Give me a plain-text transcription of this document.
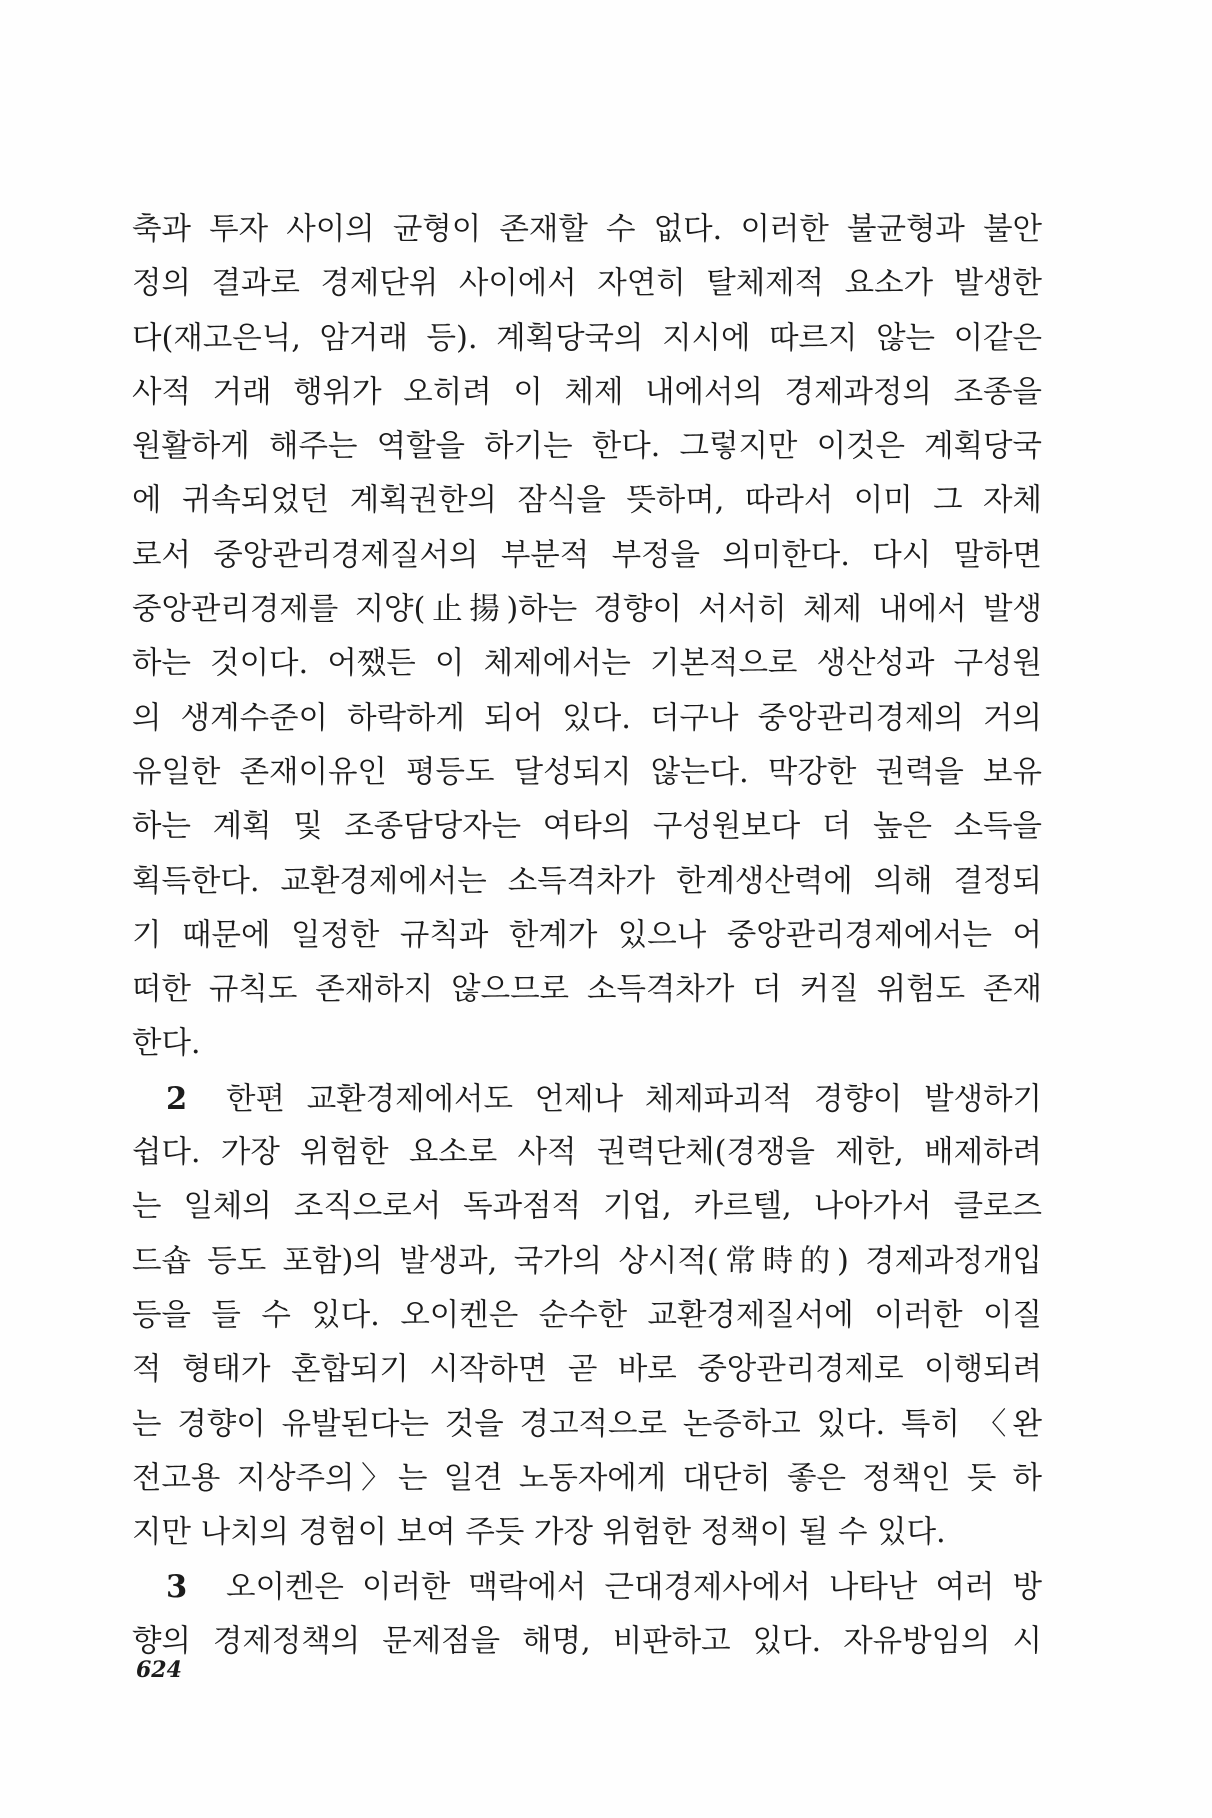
축과 투자 사이의 균형이 존재할 수 없다. 이러한 불균형과 불안
정의 결과로 경제단위 사이에서 자연히 탈체제적 요소가 발생한
다(재고은닉, 암거래 등). 계획당국의 지시에 따르지 않는 이같은
사적 거래 행위가 오히려 이 체제 내에서의 경제과정의 조종을
원활하게 해주는 역할을 하기는 한다. 그렇지만 이것은 계획당국
에 귀속되었던 계획권한의 잠식을 뜻하며, 따라서 이미 그 자체
로서 중앙관리경제질서의 부분적 부정을 의미한다. 다시 말하면
중앙관리경제를 지양(止揚)하는 경향이 서서히 체제 내에서 발생
하는 것이다. 어쨌든 이 체제에서는 기본적으로 생산성과 구성원
의 생계수준이 하락하게 되어 있다. 더구나 중앙관리경제의 거의
유일한 존재이유인 평등도 달성되지 않는다. 막강한 권력을 보유
하는 계획 및 조종담당자는 여타의 구성원보다 더 높은 소득을
획득한다. 교환경제에서는 소득격차가 한계생산력에 의해 결정되
기 때문에 일정한 규칙과 한계가 있으나 중앙관리경제에서는 어
떠한 규칙도 존재하지 않으므로 소득격차가 더 커질 위험도 존재
한다.
2 한편 교환경제에서도 언제나 체제파괴적 경향이 발생하기
쉽다. 가장 위험한 요소로 사적 권력단체(경쟁을 제한, 배제하려
는 일체의 조직으로서 독과점적 기업, 카르텔, 나아가서 클로즈
드숍 등도 포함)의 발생과, 국가의 상시적(常時的) 경제과정개입
등을 들 수 있다. 오이켄은 순수한 교환경제질서에 이러한 이질
적 형태가 혼합되기 시작하면 곧 바로 중앙관리경제로 이행되려
는 경향이 유발된다는 것을 경고적으로 논증하고 있다. 특히 〈완
전고용 지상주의〉는 일견 노동자에게 대단히 좋은 정책인 듯 하
지만 나치의 경험이 보여 주듯 가장 위험한 정책이 될 수 있다.
3 오이켄은 이러한 맥락에서 근대경제사에서 나타난 여러 방
향의 경제정책의 문제점을 해명, 비판하고 있다. 자유방임의 시
624
